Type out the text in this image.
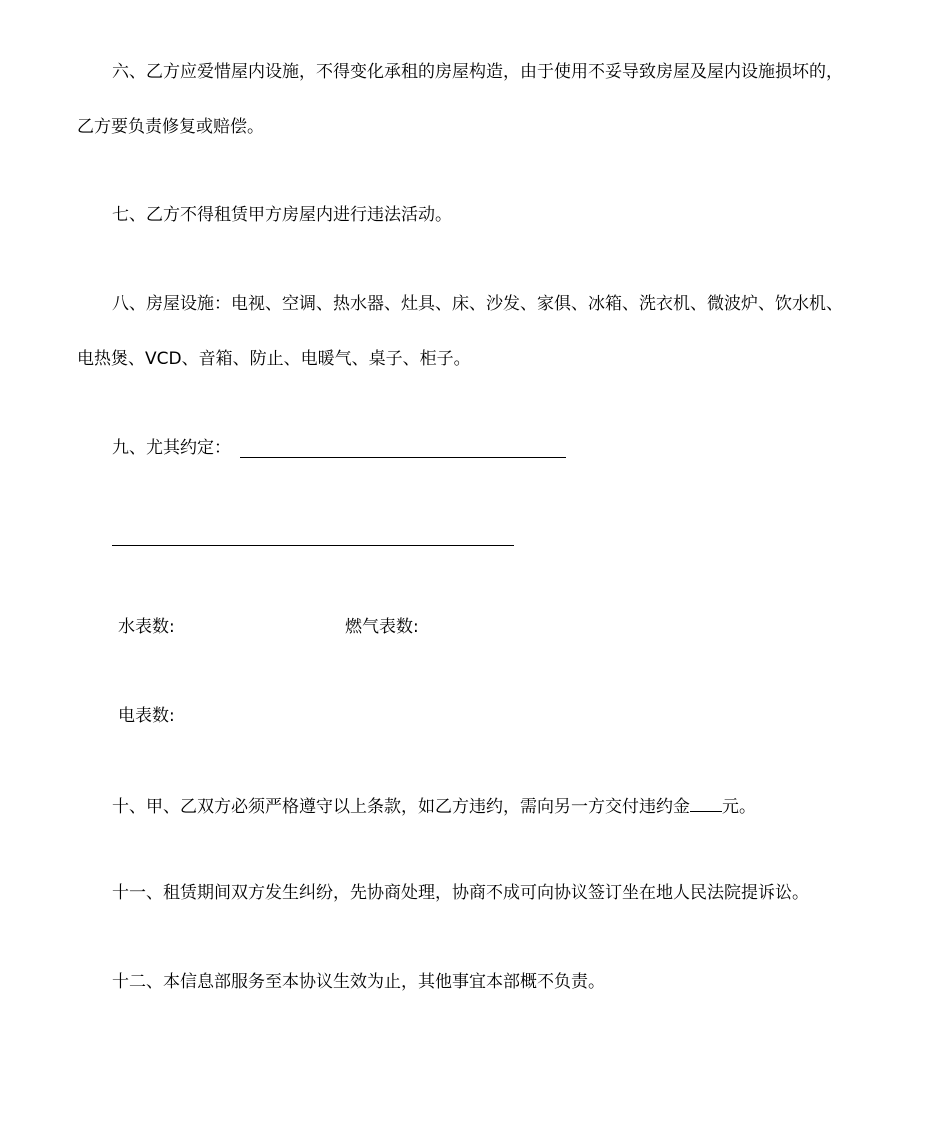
六、乙方应爱惜屋内设施，不得变化承租的房屋构造，由于使用不妥导致房屋及屋内设施损坏的，

乙方要负责修复或赔偿。

七、乙方不得租赁甲方房屋内进行违法活动。

八、房屋设施：电视、空调、热水器、灶具、床、沙发、家俱、冰箱、洗衣机、微波炉、饮水机、

电热煲、VCD、音箱、防止、电暖气、桌子、柜子。

九、尤其约定：

水表数:	燃气表数:

电表数:

十、甲、乙双方必须严格遵守以上条款，如乙方违约，需向另一方交付违约金 元。

十一、租赁期间双方发生纠纷，先协商处理，协商不成可向协议签订坐在地人民法院提诉讼。

十二、本信息部服务至本协议生效为止，其他事宜本部概不负责。
